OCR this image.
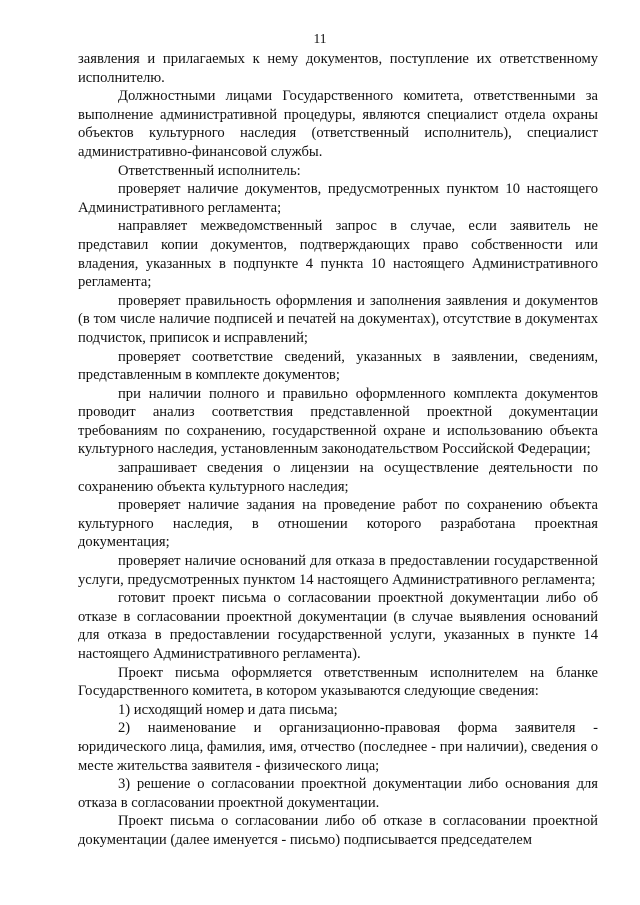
11

заявления и прилагаемых к нему документов, поступление их ответственному исполнителю.

Должностными лицами Государственного комитета, ответственными за выполнение административной процедуры, являются специалист отдела охраны объектов культурного наследия (ответственный исполнитель), специалист административно-финансовой службы.

Ответственный исполнитель:

проверяет наличие документов, предусмотренных пунктом 10 настоящего Административного регламента;

направляет межведомственный запрос в случае, если заявитель не представил копии документов, подтверждающих право собственности или владения, указанных в подпункте 4 пункта 10 настоящего Административного регламента;

проверяет правильность оформления и заполнения заявления и документов (в том числе наличие подписей и печатей на документах), отсутствие в документах подчисток, приписок и исправлений;

проверяет соответствие сведений, указанных в заявлении, сведениям, представленным в комплекте документов;

при наличии полного и правильно оформленного комплекта документов проводит анализ соответствия представленной проектной документации требованиям по сохранению, государственной охране и использованию объекта культурного наследия, установленным законодательством Российской Федерации;

запрашивает сведения о лицензии на осуществление деятельности по сохранению объекта культурного наследия;

проверяет наличие задания на проведение работ по сохранению объекта культурного наследия, в отношении которого разработана проектная документация;

проверяет наличие оснований для отказа в предоставлении государственной услуги, предусмотренных пунктом 14 настоящего Административного регламента;

готовит проект письма о согласовании проектной документации либо об отказе в согласовании проектной документации (в случае выявления оснований для отказа в предоставлении государственной услуги, указанных в пункте 14 настоящего Административного регламента).

Проект письма оформляется ответственным исполнителем на бланке Государственного комитета, в котором указываются следующие сведения:

1) исходящий номер и дата письма;

2) наименование и организационно-правовая форма заявителя - юридического лица, фамилия, имя, отчество (последнее - при наличии), сведения о месте жительства заявителя - физического лица;

3) решение о согласовании проектной документации либо основания для отказа в согласовании проектной документации.

Проект письма о согласовании либо об отказе в согласовании проектной документации (далее именуется - письмо) подписывается председателем
